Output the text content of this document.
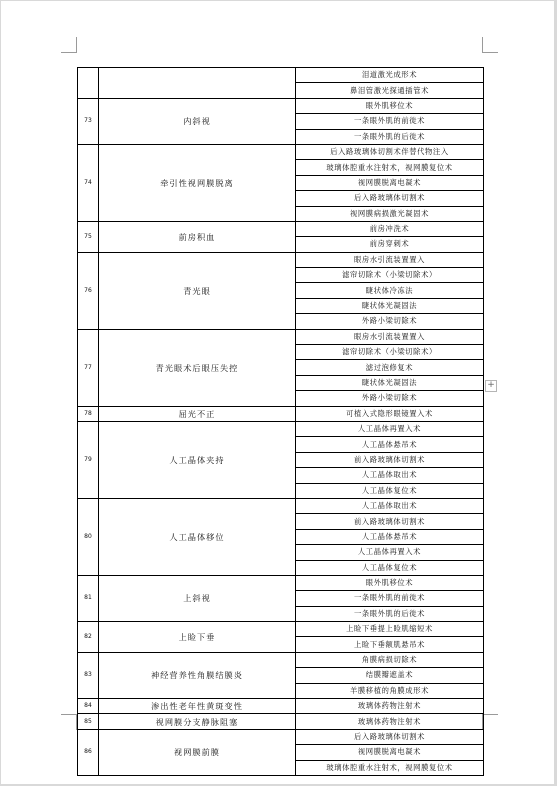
		泪道激光成形术
		鼻泪管激光探通插管术
73	内斜视	眼外肌移位术
		一条眼外肌的前徙术
		一条眼外肌的后徙术
74	牵引性视网膜脱离	后入路玻璃体切割术伴替代物注入
		玻璃体腔重水注射术，视网膜复位术
		视网膜脱离电凝术
		后入路玻璃体切割术
		视网膜病损激光凝固术
75	前房积血	前房冲洗术
		前房穿刺术
76	青光眼	眼房水引流装置置入
		滤帘切除术（小梁切除术）
		睫状体冷冻法
		睫状体光凝固法
		外路小梁切除术
77	青光眼术后眼压失控	眼房水引流装置置入
		滤帘切除术（小梁切除术）
		滤过泡修复术
		睫状体光凝固法
		外路小梁切除术
78	屈光不正	可植入式隐形眼镜置入术
79	人工晶体夹持	人工晶体再置入术
		人工晶体悬吊术
		前入路玻璃体切割术
		人工晶体取出术
		人工晶体复位术
80	人工晶体移位	人工晶体取出术
		前入路玻璃体切割术
		人工晶体悬吊术
		人工晶体再置入术
		人工晶体复位术
81	上斜视	眼外肌移位术
		一条眼外肌的前徙术
		一条眼外肌的后徙术
82	上睑下垂	上睑下垂提上睑肌缩短术
		上睑下垂额肌悬吊术
83	神经营养性角膜结膜炎	角膜病损切除术
		结膜瓣遮盖术
		羊膜移植的角膜成形术
84	渗出性老年性黄斑变性	玻璃体药物注射术
85	视网膜分支静脉阻塞	玻璃体药物注射术
86	视网膜前膜	后入路玻璃体切割术
		视网膜脱离电凝术
		玻璃体腔重水注射术，视网膜复位术
+
